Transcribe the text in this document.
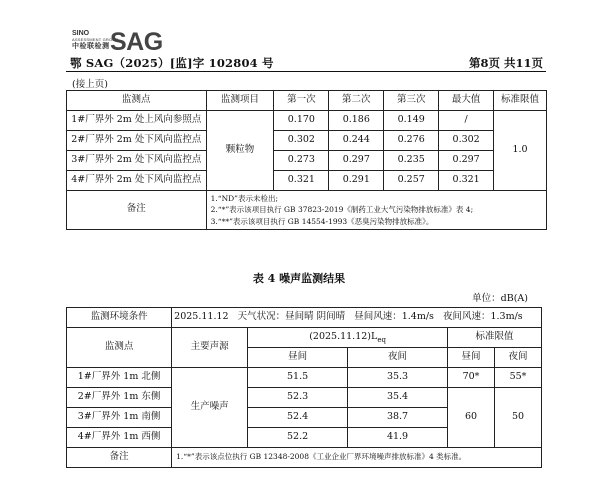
SINO
ASSESSMENT GROUP
中检联检测 SAG
鄂 SAG（2025）[监]字 102804 号	第8页 共11页
(接上页)
监测点	监测项目	第一次	第二次	第三次	最大值	标准限值
1#厂界外 2m 处上风向参照点	颗粒物	0.170	0.186	0.149	/	1.0
2#厂界外 2m 处下风向监控点		0.302	0.244	0.276	0.302	
3#厂界外 2m 处下风向监控点		0.273	0.297	0.235	0.297	
4#厂界外 2m 处下风向监控点		0.321	0.291	0.257	0.321	
备注	1.“ND”表示未检出;
2.“*”表示该项目执行 GB 37823-2019《制药工业大气污染物排放标准》表 4;
3.“**”表示该项目执行 GB 14554-1993《恶臭污染物排放标准》。					
表 4 噪声监测结果
单位：dB(A)
监测环境条件	2025.11.12 天气状况：昼间晴 阴间晴 昼间风速：1.4m/s 夜间风速：1.3m/s				
监测点	主要声源	$(2025.11.12)L_{eq}$		标准限值	
		昼间	夜间	昼间	夜间
1#厂界外 1m 北侧	生产噪声	51.5	35.3	70*	55*
2#厂界外 1m 东侧		52.3	35.4	60	50
3#厂界外 1m 南侧		52.4	38.7		
4#厂界外 1m 西侧		52.2	41.9		
备注	1.“*”表示该点位执行 GB 12348-2008《工业企业厂界环境噪声排放标准》4 类标准。				
